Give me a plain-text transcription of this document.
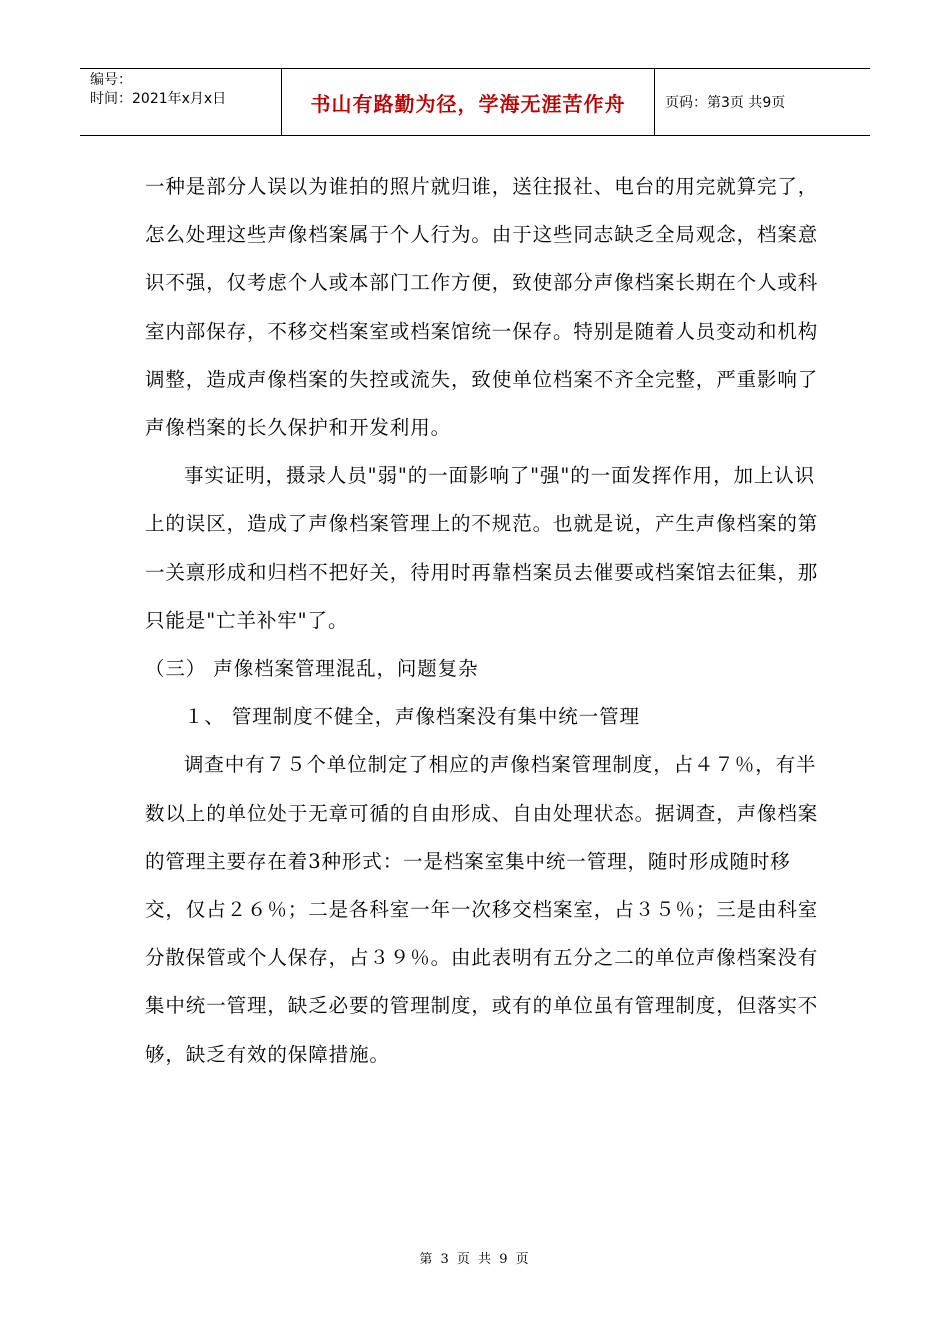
编号：
时间：2021年x月x日	书山有路勤为径，学海无涯苦作舟	页码：第3页 共9页

一种是部分人误以为谁拍的照片就归谁，送往报社、电台的用完就算完了，怎么处理这些声像档案属于个人行为。由于这些同志缺乏全局观念，档案意识不强，仅考虑个人或本部门工作方便，致使部分声像档案长期在个人或科室内部保存，不移交档案室或档案馆统一保存。特别是随着人员变动和机构调整，造成声像档案的失控或流失，致使单位档案不齐全完整，严重影响了声像档案的长久保护和开发利用。

事实证明，摄录人员"弱"的一面影响了"强"的一面发挥作用，加上认识上的误区，造成了声像档案管理上的不规范。也就是说，产生声像档案的第一关禀形成和归档不把好关，待用时再靠档案员去催要或档案馆去征集，那只能是"亡羊补牢"了。

（三） 声像档案管理混乱，问题复杂

１、 管理制度不健全，声像档案没有集中统一管理

调查中有７５个单位制定了相应的声像档案管理制度，占４７％，有半数以上的单位处于无章可循的自由形成、自由处理状态。据调查，声像档案的管理主要存在着3种形式：一是档案室集中统一管理，随时形成随时移交，仅占２６％；二是各科室一年一次移交档案室，占３５％；三是由科室分散保管或个人保存，占３９％。由此表明有五分之二的单位声像档案没有集中统一管理，缺乏必要的管理制度，或有的单位虽有管理制度，但落实不够，缺乏有效的保障措施。

第 3 页 共 9 页
